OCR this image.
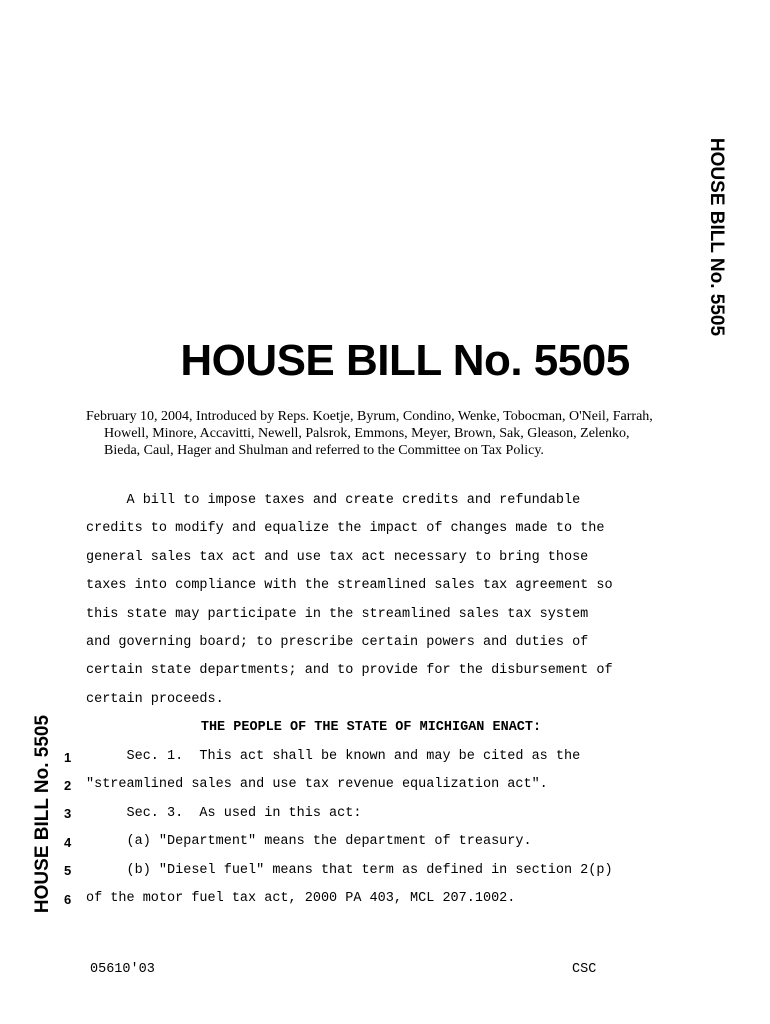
HOUSE BILL No. 5505
HOUSE BILL No. 5505
HOUSE BILL No. 5505
February 10, 2004, Introduced by Reps. Koetje, Byrum, Condino, Wenke, Tobocman, O'Neil, Farrah, Howell, Minore, Accavitti, Newell, Palsrok, Emmons, Meyer, Brown, Sak, Gleason, Zelenko, Bieda, Caul, Hager and Shulman and referred to the Committee on Tax Policy.
A bill to impose taxes and create credits and refundable
credits to modify and equalize the impact of changes made to the
general sales tax act and use tax act necessary to bring those
taxes into compliance with the streamlined sales tax agreement so
this state may participate in the streamlined sales tax system
and governing board; to prescribe certain powers and duties of
certain state departments; and to provide for the disbursement of
certain proceeds.
THE PEOPLE OF THE STATE OF MICHIGAN ENACT:
1 Sec. 1.  This act shall be known and may be cited as the
2 "streamlined sales and use tax revenue equalization act".
3 Sec. 3.  As used in this act:
4 (a) "Department" means the department of treasury.
5 (b) "Diesel fuel" means that term as defined in section 2(p)
6 of the motor fuel tax act, 2000 PA 403, MCL 207.1002.
05610'03	CSC
